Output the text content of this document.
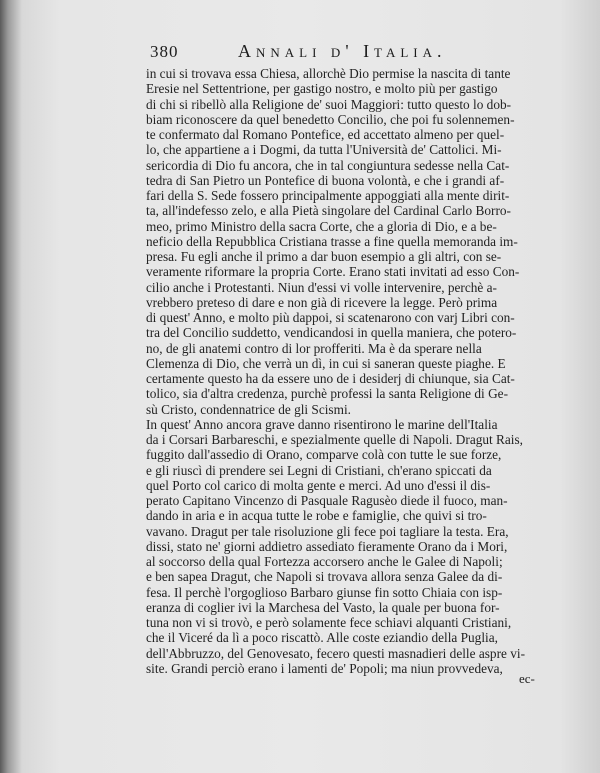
380	Annali d' Italia.
in cui si trovava essa Chiesa, allorchè Dio permise la nascita di tante
Eresie nel Settentrione, per gastigo nostro, e molto più per gastigo
di chi si ribellò alla Religione de' suoi Maggiori: tutto questo lo dob-
biam riconoscere da quel benedetto Concilio, che poi fu solennemen-
te confermato dal Romano Pontefice, ed accettato almeno per quel-
lo, che appartiene a i Dogmi, da tutta l'Università de' Cattolici. Mi-
sericordia di Dio fu ancora, che in tal congiuntura sedesse nella Cat-
tedra di San Pietro un Pontefice di buona volontà, e che i grandi af-
fari della S. Sede fossero principalmente appoggiati alla mente dirit-
ta, all'indefesso zelo, e alla Pietà singolare del Cardinal Carlo Borro-
meo, primo Ministro della sacra Corte, che a gloria di Dio, e a be-
neficio della Repubblica Cristiana trasse a fine quella memoranda im-
presa. Fu egli anche il primo a dar buon esempio a gli altri, con se-
veramente riformare la propria Corte. Erano stati invitati ad esso Con-
cilio anche i Protestanti. Niun d'essi vi volle intervenire, perchè a-
vrebbero preteso di dare e non già di ricevere la legge. Però prima
di quest' Anno, e molto più dappoi, si scatenarono con varj Libri con-
tra del Concilio suddetto, vendicandosi in quella maniera, che potero-
no, de gli anatemi contro di lor profferiti. Ma è da sperare nella
Clemenza di Dio, che verrà un dì, in cui si saneran queste piaghe. E
certamente questo ha da essere uno de i desiderj di chiunque, sia Cat-
tolico, sia d'altra credenza, purchè professi la santa Religione di Ge-
sù Cristo, condennatrice de gli Scismi.
In quest' Anno ancora grave danno risentirono le marine dell'Italia
da i Corsari Barbareschi, e spezialmente quelle di Napoli. Dragut Rais,
fuggito dall'assedio di Orano, comparve colà con tutte le sue forze,
e gli riuscì di prendere sei Legni di Cristiani, ch'erano spiccati da
quel Porto col carico di molta gente e merci. Ad uno d'essi il dis-
perato Capitano Vincenzo di Pasquale Ragusèo diede il fuoco, man-
dando in aria e in acqua tutte le robe e famiglie, che quivi si tro-
vavano. Dragut per tale risoluzione gli fece poi tagliare la testa. Era,
dissi, stato ne' giorni addietro assediato fieramente Orano da i Mori,
al soccorso della qual Fortezza accorsero anche le Galee di Napoli;
e ben sapea Dragut, che Napoli si trovava allora senza Galee da di-
fesa. Il perchè l'orgoglioso Barbaro giunse fin sotto Chiaia con isp-
eranza di coglier ivi la Marchesa del Vasto, la quale per buona for-
tuna non vi si trovò, e però solamente fece schiavi alquanti Cristiani,
che il Viceré da lì a poco riscattò. Alle coste eziandio della Puglia,
dell'Abbruzzo, del Genovesato, fecero questi masnadieri delle aspre vi-
site. Grandi perciò erano i lamenti de' Popoli; ma niun provvedeva,
ec-
